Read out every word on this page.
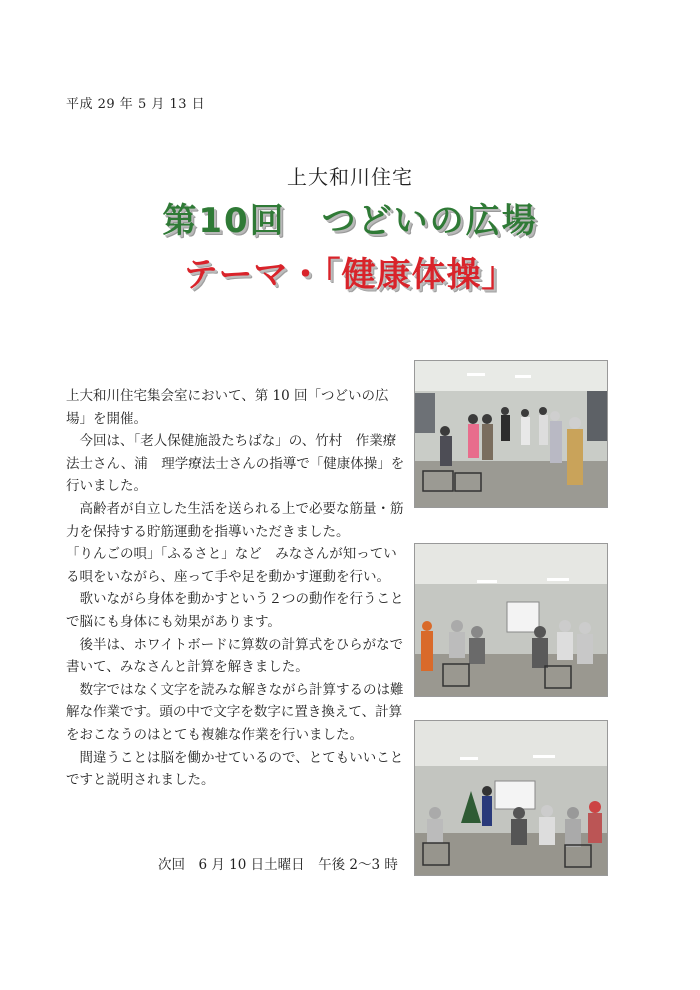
平成 29 年 5 月 13 日
上大和川住宅
第10回　つどいの広場
テーマ・「健康体操」

上大和川住宅集会室において、第 10 回「つどいの広場」を開催。

今回は、「老人保健施設たちばな」の、竹村　作業療法士さん、浦　理学療法士さんの指導で「健康体操」を行いました。

高齢者が自立した生活を送られる上で必要な筋量・筋力を保持する貯筋運動を指導いただきました。

「りんごの唄」「ふるさと」など　みなさんが知っている唄をいながら、座って手や足を動かす運動を行い。

歌いながら身体を動かすという２つの動作を行うことで脳にも身体にも効果があります。

後半は、ホワイトボードに算数の計算式をひらがなで書いて、みなさんと計算を解きました。

数字ではなく文字を読みな解きながら計算するのは難解な作業です。頭の中で文字を数字に置き換えて、計算をおこなうのはとても複雑な作業を行いました。

間違うことは脳を働かせているので、とてもいいことですと説明されました。

次回　6 月 10 日土曜日　午後 2～3 時
